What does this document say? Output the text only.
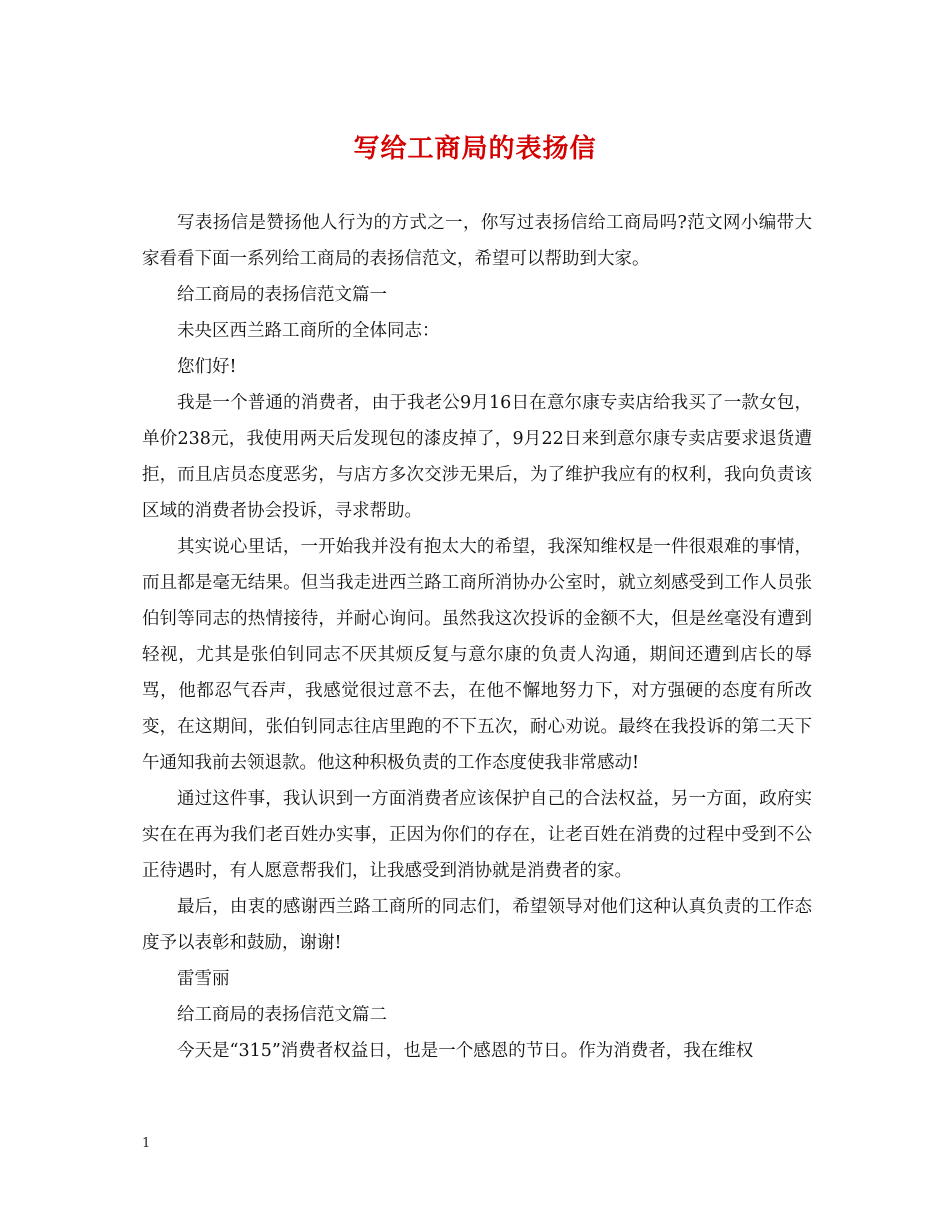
写给工商局的表扬信

写表扬信是赞扬他人行为的方式之一，你写过表扬信给工商局吗?范文网小编带大家看看下面一系列给工商局的表扬信范文，希望可以帮助到大家。

给工商局的表扬信范文篇一

未央区西兰路工商所的全体同志：

您们好!

我是一个普通的消费者，由于我老公9月16日在意尔康专卖店给我买了一款女包，单价238元，我使用两天后发现包的漆皮掉了，9月22日来到意尔康专卖店要求退货遭拒，而且店员态度恶劣，与店方多次交涉无果后，为了维护我应有的权利，我向负责该区域的消费者协会投诉，寻求帮助。

其实说心里话，一开始我并没有抱太大的希望，我深知维权是一件很艰难的事情，而且都是毫无结果。但当我走进西兰路工商所消协办公室时，就立刻感受到工作人员张伯钊等同志的热情接待，并耐心询问。虽然我这次投诉的金额不大，但是丝毫没有遭到轻视，尤其是张伯钊同志不厌其烦反复与意尔康的负责人沟通，期间还遭到店长的辱骂，他都忍气吞声，我感觉很过意不去，在他不懈地努力下，对方强硬的态度有所改变，在这期间，张伯钊同志往店里跑的不下五次，耐心劝说。最终在我投诉的第二天下午通知我前去领退款。他这种积极负责的工作态度使我非常感动!

通过这件事，我认识到一方面消费者应该保护自己的合法权益，另一方面，政府实实在在再为我们老百姓办实事，正因为你们的存在，让老百姓在消费的过程中受到不公正待遇时，有人愿意帮我们，让我感受到消协就是消费者的家。

最后，由衷的感谢西兰路工商所的同志们，希望领导对他们这种认真负责的工作态度予以表彰和鼓励，谢谢!

雷雪丽

给工商局的表扬信范文篇二

今天是“315”消费者权益日，也是一个感恩的节日。作为消费者，我在维权

1
